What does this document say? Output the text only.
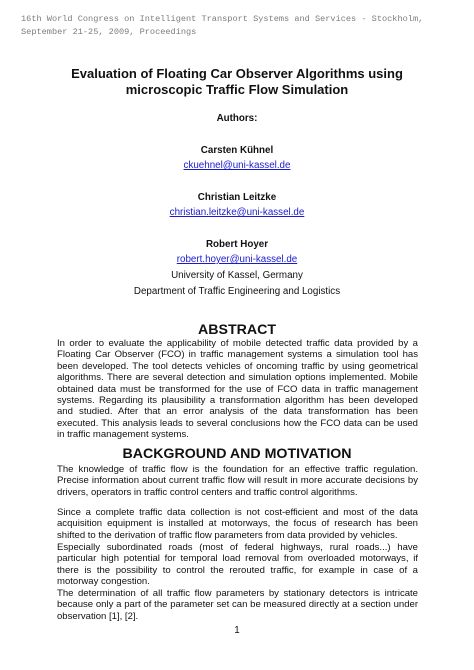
16th World Congress on Intelligent Transport Systems and Services - Stockholm,
September 21-25, 2009, Proceedings
Evaluation of Floating Car Observer Algorithms using
microscopic Traffic Flow Simulation
Authors:
Carsten Kühnel
ckuehnel@uni-kassel.de
Christian Leitzke
christian.leitzke@uni-kassel.de
Robert Hoyer
robert.hoyer@uni-kassel.de
University of Kassel, Germany
Department of Traffic Engineering and Logistics
ABSTRACT
In order to evaluate the applicability of mobile detected traffic data provided by a
Floating Car Observer (FCO) in traffic management systems a simulation tool has
been developed. The tool detects vehicles of oncoming traffic by using geometrical
algorithms. There are several detection and simulation options implemented. Mobile
obtained data must be transformed for the use of FCO data in traffic management
systems. Regarding its plausibility a transformation algorithm has been developed
and studied. After that an error analysis of the data transformation has been
executed. This analysis leads to several conclusions how the FCO data can be used
in traffic management systems.
BACKGROUND AND MOTIVATION
The knowledge of traffic flow is the foundation for an effective traffic regulation.
Precise information about current traffic flow will result in more accurate decisions by
drivers, operators in traffic control centers and traffic control algorithms.
Since a complete traffic data collection is not cost-efficient and most of the data
acquisition equipment is installed at motorways, the focus of research has been
shifted to the derivation of traffic flow parameters from data provided by vehicles.
Especially subordinated roads (most of federal highways, rural roads...) have
particular high potential for temporal load removal from overloaded motorways, if
there is the possibility to control the rerouted traffic, for example in case of a
motorway congestion.
The determination of all traffic flow parameters by stationary detectors is intricate
because only a part of the parameter set can be measured directly at a section under
observation [1], [2].
1
